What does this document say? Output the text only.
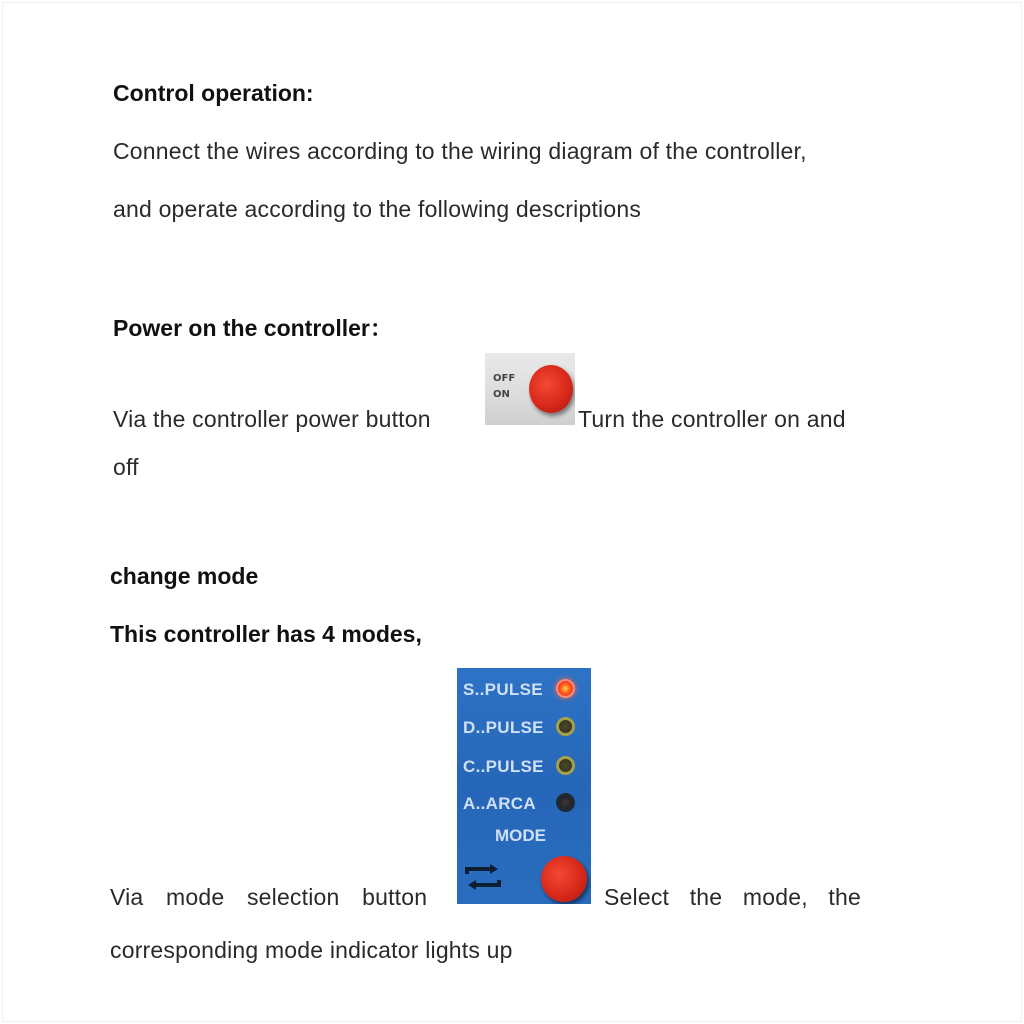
Control operation:
Connect the wires according to the wiring diagram of the controller,
and operate according to the following descriptions
Power on the controller：
Via the controller power button
OFF
ON
Turn the controller on and
off
change mode
This controller has 4 modes,
S..PULSE
D..PULSE
C..PULSE
A..ARCA
MODE
Via mode selection button	Select the mode, the
corresponding mode indicator lights up
